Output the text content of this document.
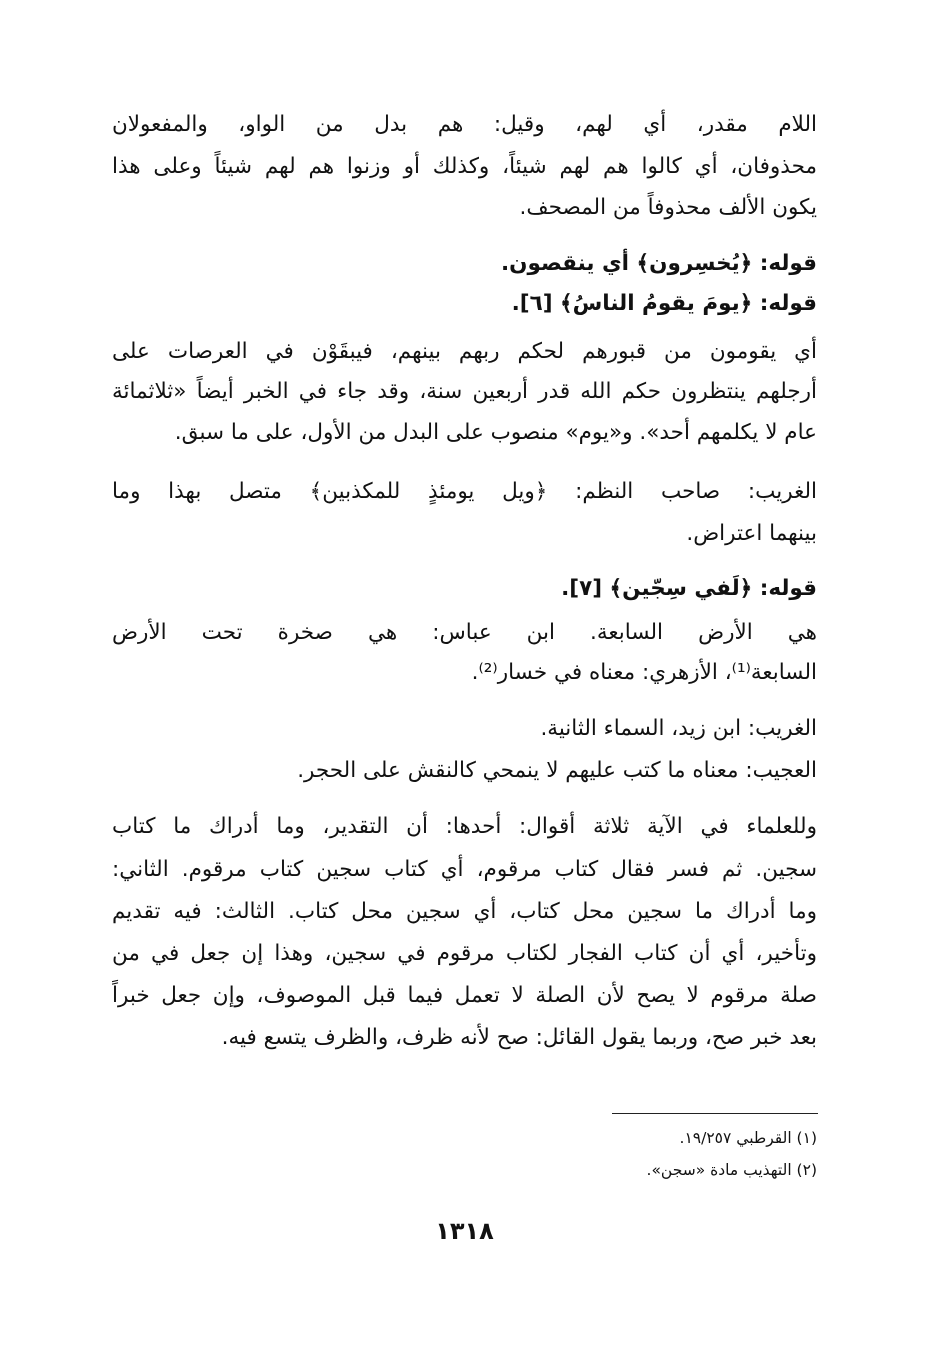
اللام مقدر، أي لهم، وقيل: هم بدل من الواو، والمفعولان
محذوفان، أي كالوا هم لهم شيئاً، وكذلك أو وزنوا هم لهم شيئاً وعلى هذا
يكون الألف محذوفاً من المصحف.
قوله: ﴿يُخسِرون﴾ أي ينقصون.
قوله: ﴿يومَ يقومُ الناسُ﴾ [٦].
أي يقومون من قبورهم لحكم ربهم بينهم، فيبقَوْن في العرصات على
أرجلهم ينتظرون حكم الله قدر أربعين سنة، وقد جاء في الخبر أيضاً «ثلاثمائة
عام لا يكلمهم أحد». و«يوم» منصوب على البدل من الأول، على ما سبق.
الغريب: صاحب النظم: ﴿ويل يومئذٍ للمكذبين﴾ متصل بهذا وما
بينهما اعتراض.
قوله: ﴿لَفي سِجّين﴾ [٧].
هي الأرض السابعة. ابن عباس: هي صخرة تحت الأرض
السابعة⁽¹⁾، الأزهري: معناه في خسار⁽²⁾.
الغريب: ابن زيد، السماء الثانية.
العجيب: معناه ما كتب عليهم لا ينمحي كالنقش على الحجر.
وللعلماء في الآية ثلاثة أقوال: أحدها: أن التقدير، وما أدراك ما كتاب
سجين. ثم فسر فقال كتاب مرقوم، أي كتاب سجين كتاب مرقوم. الثاني:
وما أدراك ما سجين محل كتاب، أي سجين محل كتاب. الثالث: فيه تقديم
وتأخير، أي أن كتاب الفجار لكتاب مرقوم في سجين، وهذا إن جعل في من
صلة مرقوم لا يصح لأن الصلة لا تعمل فيما قبل الموصوف، وإن جعل خبراً
بعد خبر صح، وربما يقول القائل: صح لأنه ظرف، والظرف يتسع فيه.
(١) القرطبي ١٩/٢٥٧.
(٢) التهذيب مادة «سجن».
١٣١٨
